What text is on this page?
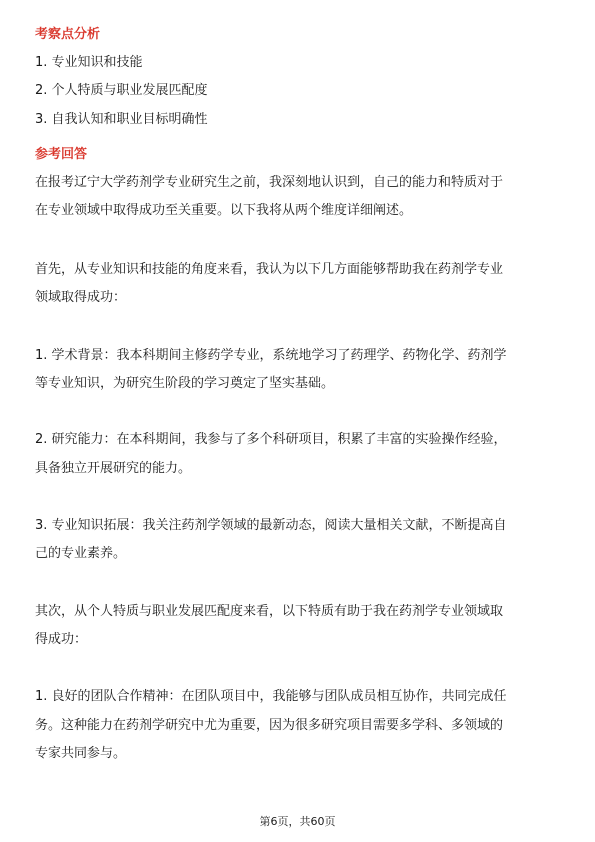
考察点分析
1. 专业知识和技能
2. 个人特质与职业发展匹配度
3. 自我认知和职业目标明确性
参考回答
在报考辽宁大学药剂学专业研究生之前，我深刻地认识到，自己的能力和特质对于
在专业领域中取得成功至关重要。以下我将从两个维度详细阐述。
首先，从专业知识和技能的角度来看，我认为以下几方面能够帮助我在药剂学专业
领域取得成功：
1. 学术背景：我本科期间主修药学专业，系统地学习了药理学、药物化学、药剂学
等专业知识，为研究生阶段的学习奠定了坚实基础。
2. 研究能力：在本科期间，我参与了多个科研项目，积累了丰富的实验操作经验，
具备独立开展研究的能力。
3. 专业知识拓展：我关注药剂学领域的最新动态，阅读大量相关文献，不断提高自
己的专业素养。
其次，从个人特质与职业发展匹配度来看，以下特质有助于我在药剂学专业领域取
得成功：
1. 良好的团队合作精神：在团队项目中，我能够与团队成员相互协作，共同完成任
务。这种能力在药剂学研究中尤为重要，因为很多研究项目需要多学科、多领域的
专家共同参与。
第6页，共60页
